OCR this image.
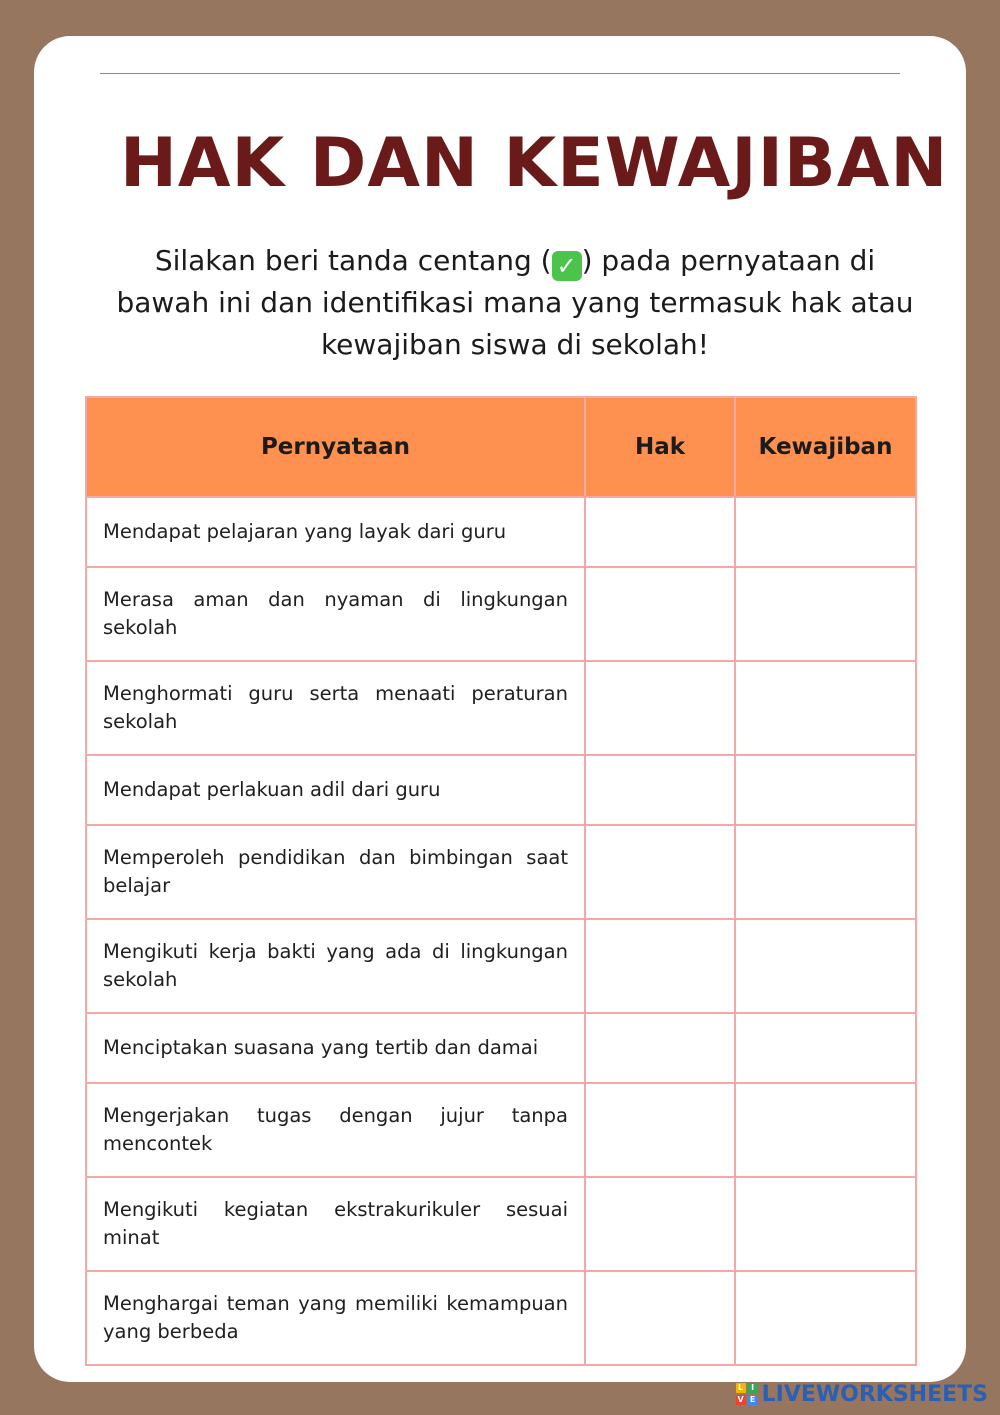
HAK DAN KEWAJIBAN

Silakan beri tanda centang ( ✓ ) pada pernyataan di bawah ini dan identifikasi mana yang termasuk hak atau kewajiban siswa di sekolah!

Pernyataan	Hak	Kewajiban
Mendapat pelajaran yang layak dari guru		
Merasa aman dan nyaman di lingkungan sekolah		
Menghormati guru serta menaati peraturan sekolah		
Mendapat perlakuan adil dari guru		
Memperoleh pendidikan dan bimbingan saat belajar		
Mengikuti kerja bakti yang ada di lingkungan sekolah		
Menciptakan suasana yang tertib dan damai		
Mengerjakan tugas dengan jujur tanpa mencontek		
Mengikuti kegiatan ekstrakurikuler sesuai minat		
Menghargai teman yang memiliki kemampuan yang berbeda		
L I
V E LIVEWORKSHEETS
